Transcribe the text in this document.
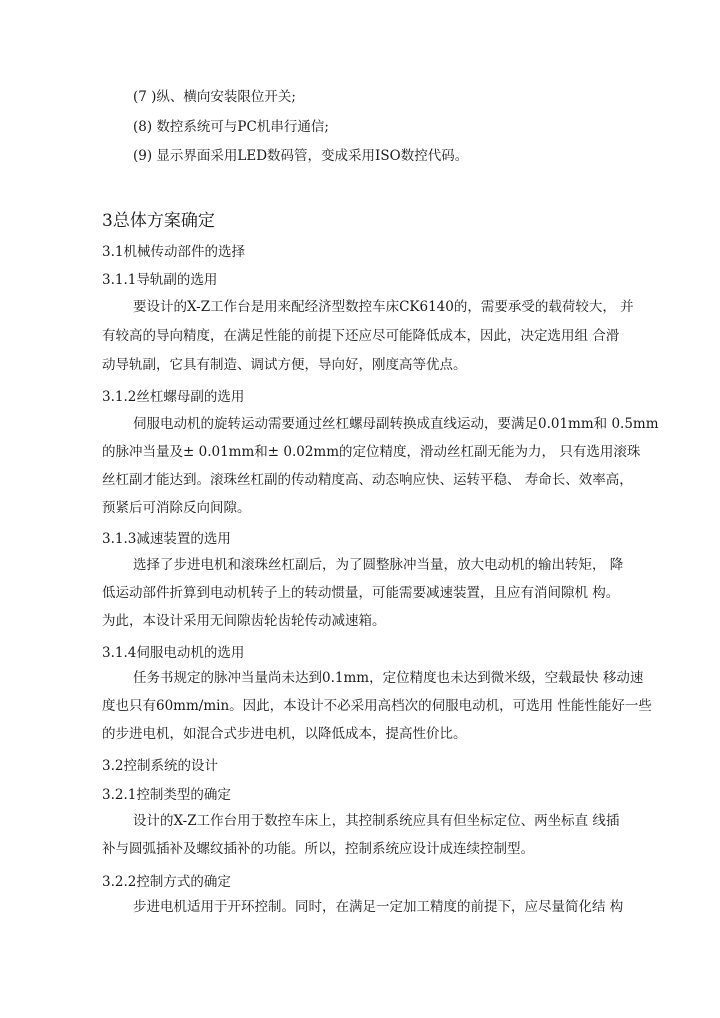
(7 )纵、横向安装限位开关;
(8) 数控系统可与PC机串行通信;
(9) 显示界面采用LED数码管，变成采用ISO数控代码。
3总体方案确定
3.1机械传动部件的选择
3.1.1导轨副的选用
要设计的X-Z工作台是用来配经济型数控车床CK6140的，需要承受的载荷较大， 并
有较高的导向精度，在满足性能的前提下还应尽可能降低成本，因此，决定选用组 合滑
动导轨副，它具有制造、调试方便，导向好，刚度高等优点。
3.1.2丝杠螺母副的选用
伺服电动机的旋转运动需要通过丝杠螺母副转换成直线运动，要满足0.01mm和 0.5mm
的脉冲当量及± 0.01mm和± 0.02mm的定位精度，滑动丝杠副无能为力， 只有选用滚珠
丝杠副才能达到。滚珠丝杠副的传动精度高、动态响应快、运转平稳、 寿命长、效率高，
预紧后可消除反向间隙。
3.1.3减速装置的选用
选择了步进电机和滚珠丝杠副后，为了圆整脉冲当量，放大电动机的输出转矩， 降
低运动部件折算到电动机转子上的转动惯量，可能需要减速装置，且应有消间隙机 构。
为此，本设计采用无间隙齿轮齿轮传动减速箱。
3.1.4伺服电动机的选用
任务书规定的脉冲当量尚未达到0.1mm，定位精度也未达到微米级，空载最快 移动速
度也只有60mm/min。因此，本设计不必采用高档次的伺服电动机，可选用 性能性能好一些
的步进电机，如混合式步进电机，以降低成本，提高性价比。
3.2控制系统的设计
3.2.1控制类型的确定
设计的X-Z工作台用于数控车床上，其控制系统应具有但坐标定位、两坐标直 线插
补与圆弧插补及螺纹插补的功能。所以，控制系统应设计成连续控制型。
3.2.2控制方式的确定
步进电机适用于开环控制。同时，在满足一定加工精度的前提下，应尽量简化结 构
